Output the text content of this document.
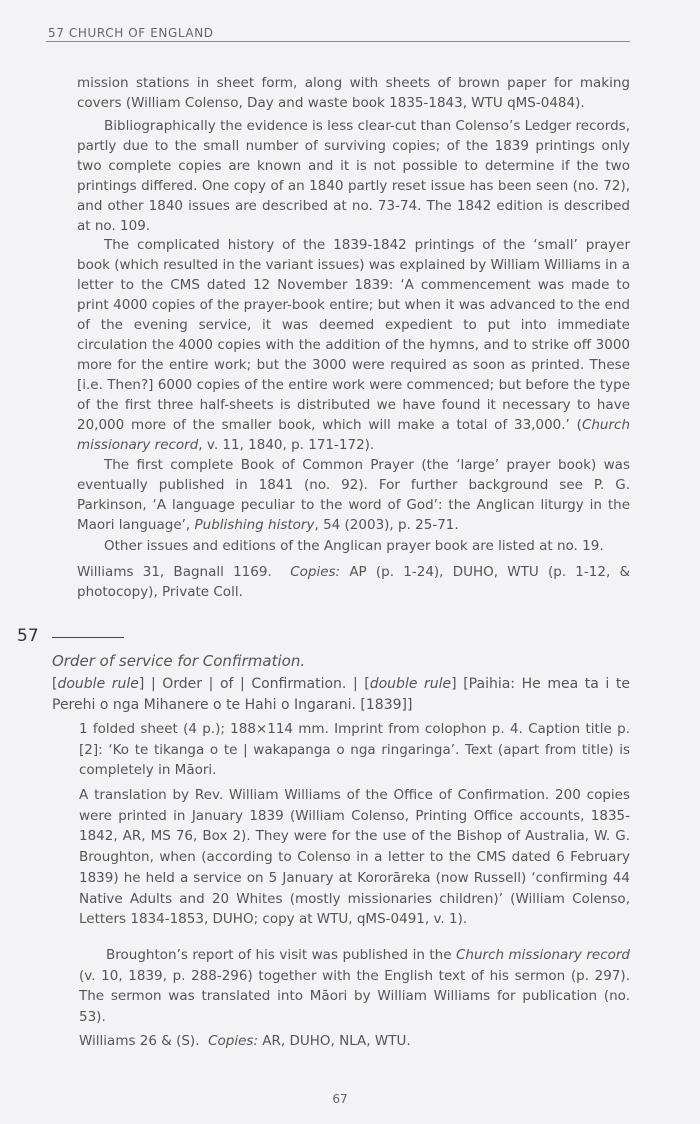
57 CHURCH OF ENGLAND

mission stations in sheet form, along with sheets of brown paper for making covers (William Colenso, Day and waste book 1835-1843, WTU qMS-0484).

Bibliographically the evidence is less clear-cut than Colenso’s Ledger records, partly due to the small number of surviving copies; of the 1839 printings only two complete copies are known and it is not possible to determine if the two printings differed. One copy of an 1840 partly reset issue has been seen (no. 72), and other 1840 issues are described at no. 73-74. The 1842 edition is described at no. 109.

The complicated history of the 1839-1842 printings of the ‘small’ prayer book (which resulted in the variant issues) was explained by William Williams in a letter to the CMS dated 12 November 1839: ‘A commencement was made to print 4000 copies of the prayer-book entire; but when it was advanced to the end of the evening service, it was deemed expedient to put into immediate circulation the 4000 copies with the addition of the hymns, and to strike off 3000 more for the entire work; but the 3000 were required as soon as printed. These [i.e. Then?] 6000 copies of the entire work were commenced; but before the type of the first three half-sheets is distributed we have found it necessary to have 20,000 more of the smaller book, which will make a total of 33,000.’ (Church missionary record, v. 11, 1840, p. 171-172).

The first complete Book of Common Prayer (the ‘large’ prayer book) was eventually published in 1841 (no. 92). For further background see P. G. Parkinson, ‘A language peculiar to the word of God’: the Anglican liturgy in the Maori language’, Publishing history, 54 (2003), p. 25-71.

Other issues and editions of the Anglican prayer book are listed at no. 19.

Williams 31, Bagnall 1169. Copies: AP (p. 1-24), DUHO, WTU (p. 1-12, & photocopy), Private Coll.

57

Order of service for Confirmation.

[double rule] | Order | of | Confirmation. | [double rule] [Paihia: He mea ta i te Perehi o nga Mihanere o te Hahi o Ingarani. [1839]]

1 folded sheet (4 p.); 188×114 mm. Imprint from colophon p. 4. Caption title p. [2]: ‘Ko te tikanga o te | wakapanga o nga ringaringa’. Text (apart from title) is completely in Māori.

A translation by Rev. William Williams of the Office of Confirmation. 200 copies were printed in January 1839 (William Colenso, Printing Office accounts, 1835-1842, AR, MS 76, Box 2). They were for the use of the Bishop of Australia, W. G. Broughton, when (according to Colenso in a letter to the CMS dated 6 February 1839) he held a service on 5 January at Kororāreka (now Russell) ‘confirming 44 Native Adults and 20 Whites (mostly missionaries children)’ (William Colenso, Letters 1834-1853, DUHO; copy at WTU, qMS-0491, v. 1).

Broughton’s report of his visit was published in the Church missionary record (v. 10, 1839, p. 288-296) together with the English text of his sermon (p. 297). The sermon was translated into Māori by William Williams for publication (no. 53).

Williams 26 & (S). Copies: AR, DUHO, NLA, WTU.

67
